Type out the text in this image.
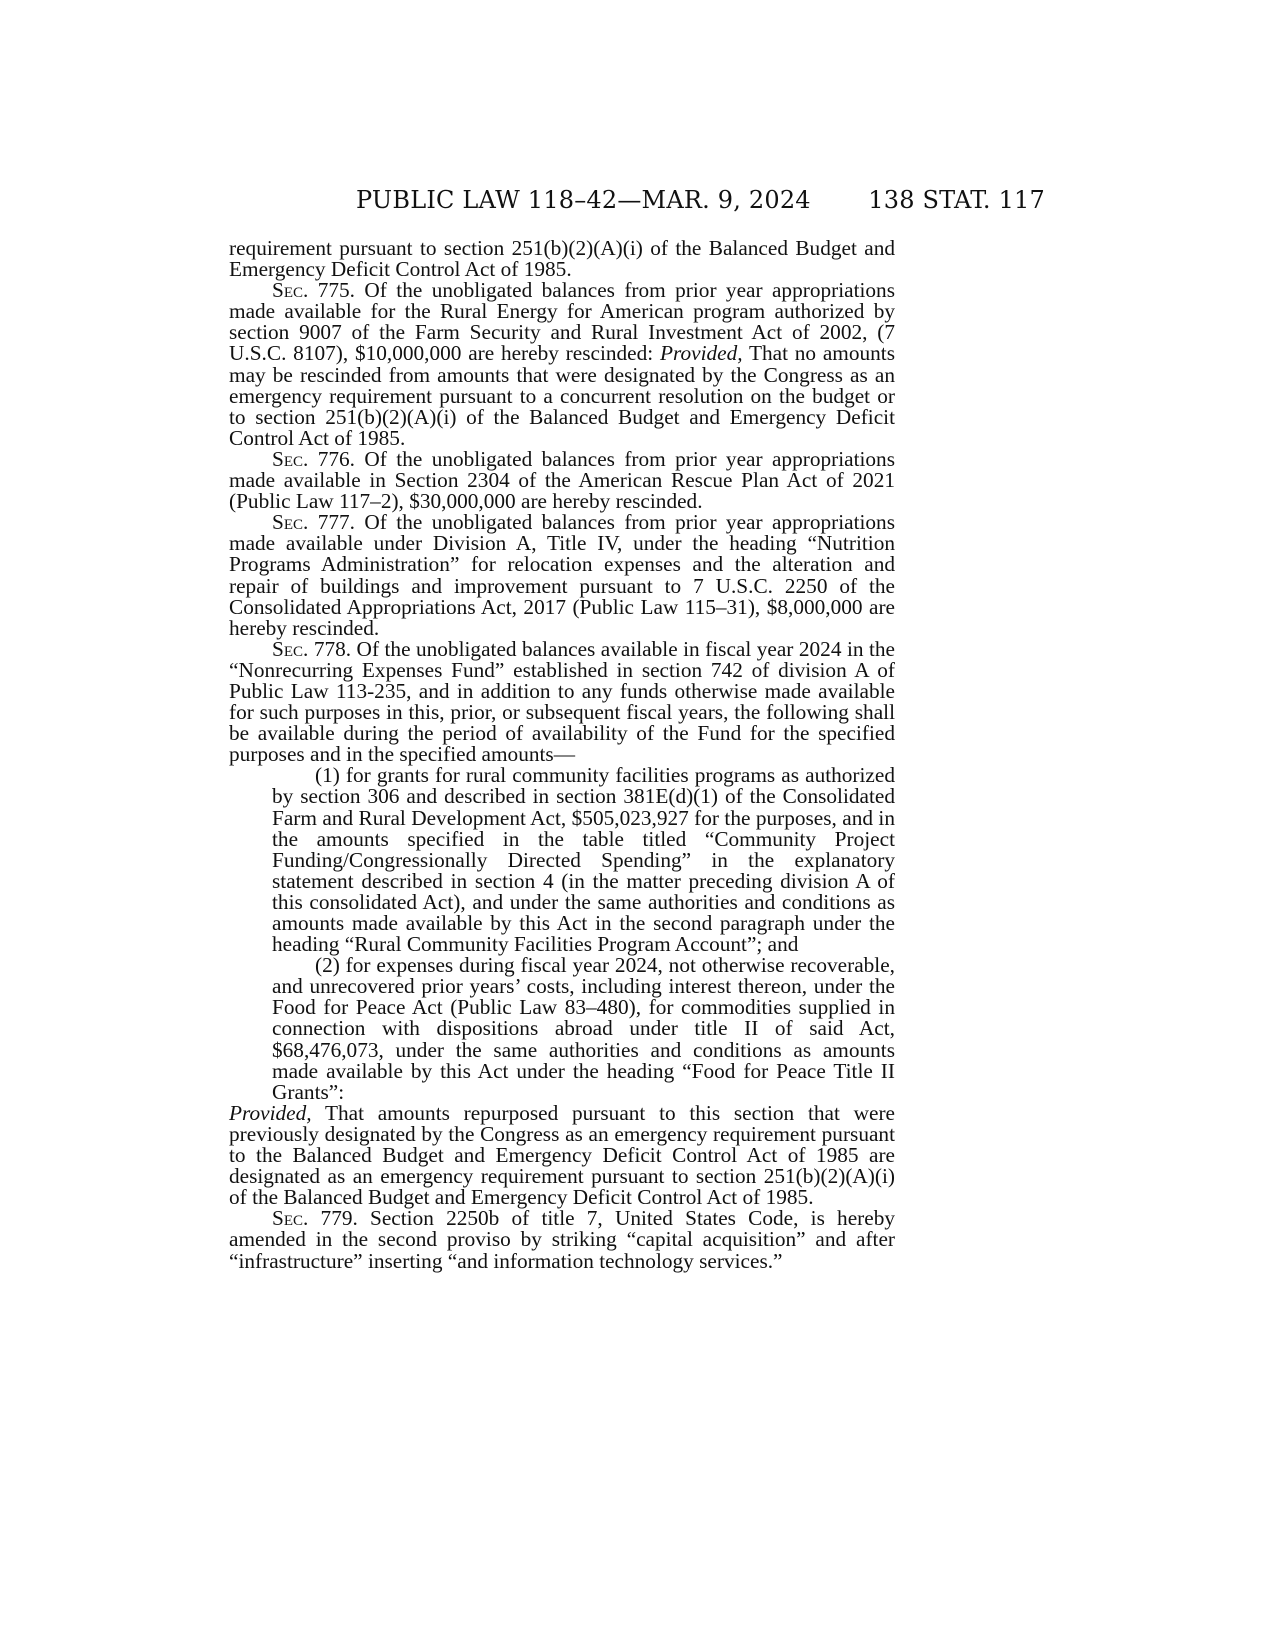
PUBLIC LAW 118–42—MAR. 9, 2024	138 STAT. 117

requirement pursuant to section 251(b)(2)(A)(i) of the Balanced Budget and Emergency Deficit Control Act of 1985.

Sec. 775. Of the unobligated balances from prior year appropriations made available for the Rural Energy for American program authorized by section 9007 of the Farm Security and Rural Investment Act of 2002, (7 U.S.C. 8107), $10,000,000 are hereby rescinded: Provided, That no amounts may be rescinded from amounts that were designated by the Congress as an emergency requirement pursuant to a concurrent resolution on the budget or to section 251(b)(2)(A)(i) of the Balanced Budget and Emergency Deficit Control Act of 1985.

Sec. 776. Of the unobligated balances from prior year appropriations made available in Section 2304 of the American Rescue Plan Act of 2021 (Public Law 117–2), $30,000,000 are hereby rescinded.

Sec. 777. Of the unobligated balances from prior year appropriations made available under Division A, Title IV, under the heading “Nutrition Programs Administration” for relocation expenses and the alteration and repair of buildings and improvement pursuant to 7 U.S.C. 2250 of the Consolidated Appropriations Act, 2017 (Public Law 115–31), $8,000,000 are hereby rescinded.

Sec. 778. Of the unobligated balances available in fiscal year 2024 in the “Nonrecurring Expenses Fund” established in section 742 of division A of Public Law 113-235, and in addition to any funds otherwise made available for such purposes in this, prior, or subsequent fiscal years, the following shall be available during the period of availability of the Fund for the specified purposes and in the specified amounts—

(1) for grants for rural community facilities programs as authorized by section 306 and described in section 381E(d)(1) of the Consolidated Farm and Rural Development Act, $505,023,927 for the purposes, and in the amounts specified in the table titled “Community Project Funding/Congressionally Directed Spending” in the explanatory statement described in section 4 (in the matter preceding division A of this consolidated Act), and under the same authorities and conditions as amounts made available by this Act in the second paragraph under the heading “Rural Community Facilities Program Account”; and

(2) for expenses during fiscal year 2024, not otherwise recoverable, and unrecovered prior years’ costs, including interest thereon, under the Food for Peace Act (Public Law 83–480), for commodities supplied in connection with dispositions abroad under title II of said Act, $68,476,073, under the same authorities and conditions as amounts made available by this Act under the heading “Food for Peace Title II Grants”:

Provided, That amounts repurposed pursuant to this section that were previously designated by the Congress as an emergency requirement pursuant to the Balanced Budget and Emergency Deficit Control Act of 1985 are designated as an emergency requirement pursuant to section 251(b)(2)(A)(i) of the Balanced Budget and Emergency Deficit Control Act of 1985.

Sec. 779. Section 2250b of title 7, United States Code, is hereby amended in the second proviso by striking “capital acquisition” and after “infrastructure” inserting “and information technology services.”
